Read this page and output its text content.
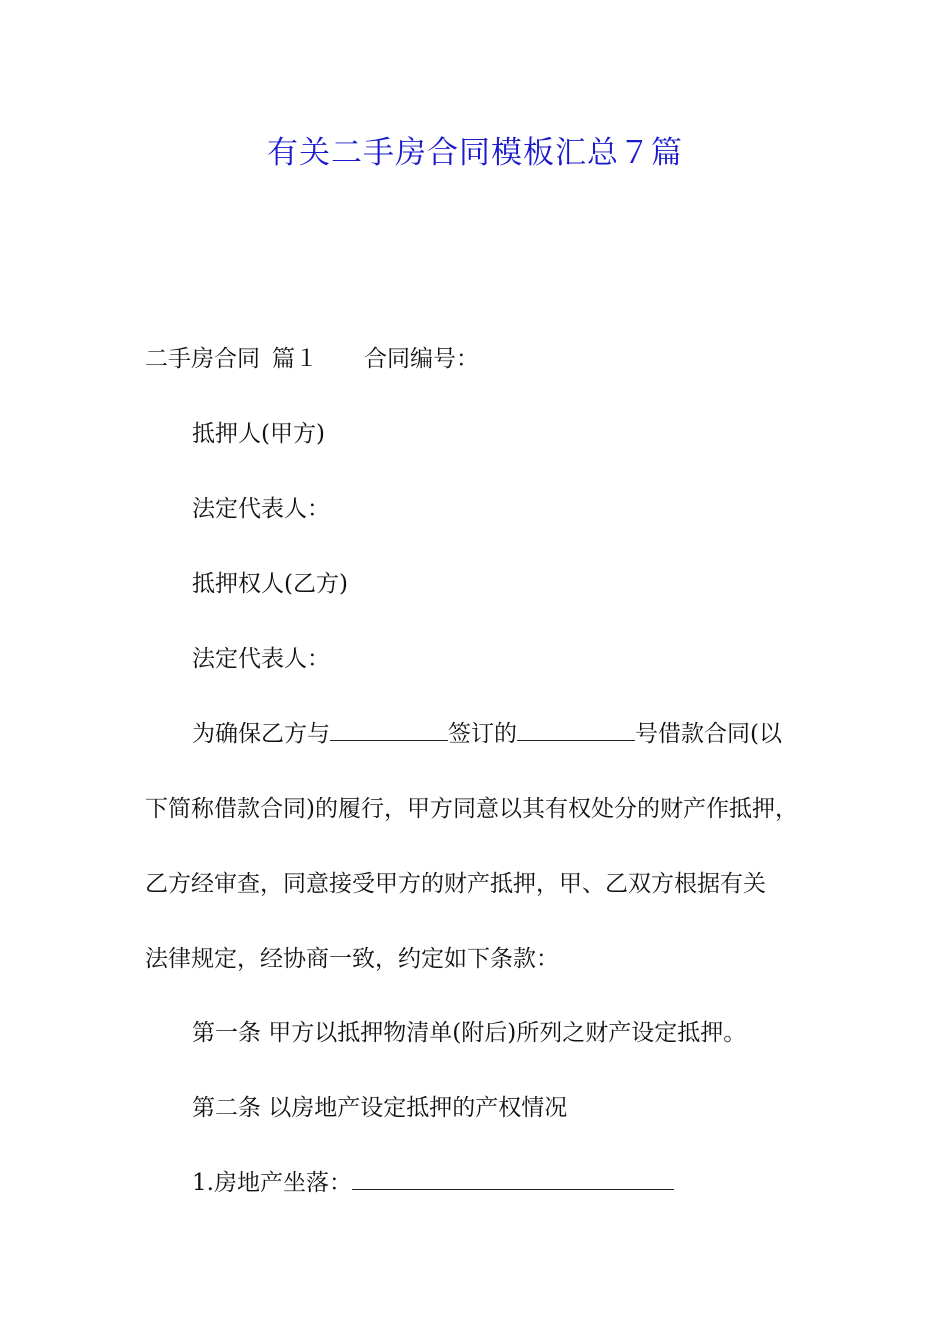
有关二手房合同模板汇总７篇
二手房合同 篇１ 合同编号：
抵押人(甲方)
法定代表人：
抵押权人(乙方)
法定代表人：
为确保乙方与	签订的	号借款合同(以
下简称借款合同)的履行，甲方同意以其有权处分的财产作抵押，
乙方经审查，同意接受甲方的财产抵押，甲、乙双方根据有关
法律规定，经协商一致，约定如下条款：
第一条 甲方以抵押物清单(附后)所列之财产设定抵押。
第二条 以房地产设定抵押的产权情况
1.房地产坐落：
